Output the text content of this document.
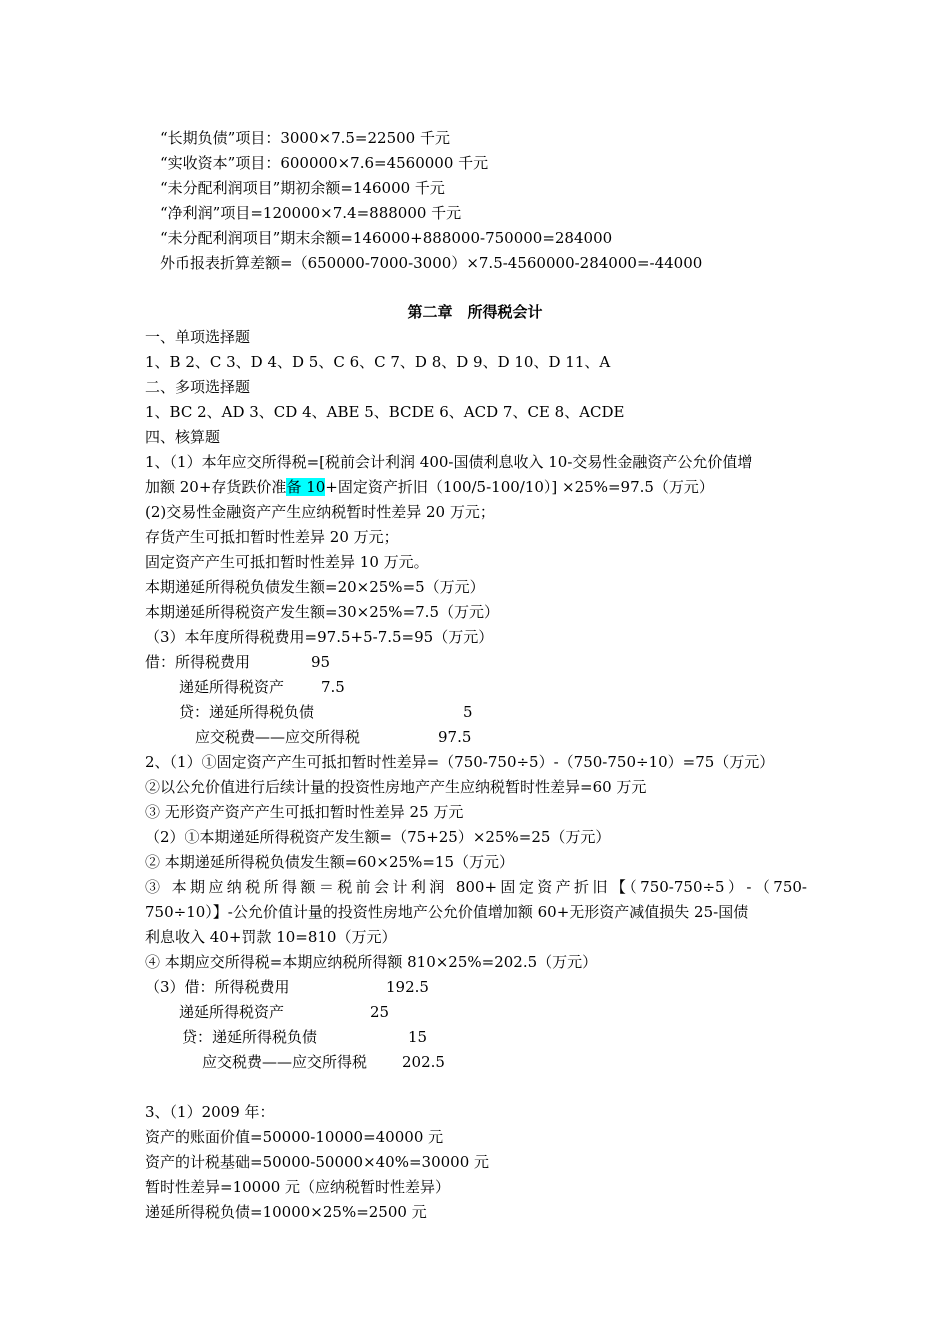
“长期负债”项目：3000×7.5=22500 千元
“实收资本”项目：600000×7.6=4560000 千元
“未分配利润项目”期初余额=146000 千元
“净利润”项目=120000×7.4=888000 千元
“未分配利润项目”期末余额=146000+888000-750000=284000
外币报表折算差额=（650000-7000-3000）×7.5-4560000-284000=-44000
第二章　所得税会计
一、单项选择题
1、B 2、C 3、D 4、D 5、C 6、C 7、D 8、D 9、D 10、D 11、A
二、多项选择题
1、BC 2、AD 3、CD 4、ABE 5、BCDE 6、ACD 7、CE 8、ACDE
四、核算题
1、（1）本年应交所得税=[税前会计利润 400-国债利息收入 10-交易性金融资产公允价值增
加额 20+存货跌价准备 10+固定资产折旧（100/5-100/10）] ×25%=97.5（万元）
(2)交易性金融资产产生应纳税暂时性差异 20 万元；
存货产生可抵扣暂时性差异 20 万元；
固定资产产生可抵扣暂时性差异 10 万元。
本期递延所得税负债发生额=20×25%=5（万元）
本期递延所得税资产发生额=30×25%=7.5（万元）
（3）本年度所得税费用=97.5+5-7.5=95（万元）
借：所得税费用	95
递延所得税资产 7.5
贷：递延所得税负债	5
应交税费——应交所得税	97.5
2、（1）①固定资产产生可抵扣暂时性差异=（750-750÷5）-（750-750÷10）=75（万元）
②以公允价值进行后续计量的投资性房地产产生应纳税暂时性差异=60 万元
③ 无形资产资产产生可抵扣暂时性差异 25 万元
（2）①本期递延所得税资产发生额=（75+25）×25%=25（万元）
② 本期递延所得税负债发生额=60×25%=15（万元）
③ 本期应纳税所得额＝税前会计利润 800+固定资产折旧【（750-750÷5）-（750-
750÷10）】-公允价值计量的投资性房地产公允价值增加额 60+无形资产减值损失 25-国债
利息收入 40+罚款 10=810（万元）
④ 本期应交所得税=本期应纳税所得额 810×25%=202.5（万元）
（3）借：所得税费用	192.5
递延所得税资产	25
贷：递延所得税负债	15
应交税费——应交所得税 202.5
3、（1）2009 年：
资产的账面价值=50000-10000=40000 元
资产的计税基础=50000-50000×40%=30000 元
暂时性差异=10000 元（应纳税暂时性差异）
递延所得税负债=10000×25%=2500 元
